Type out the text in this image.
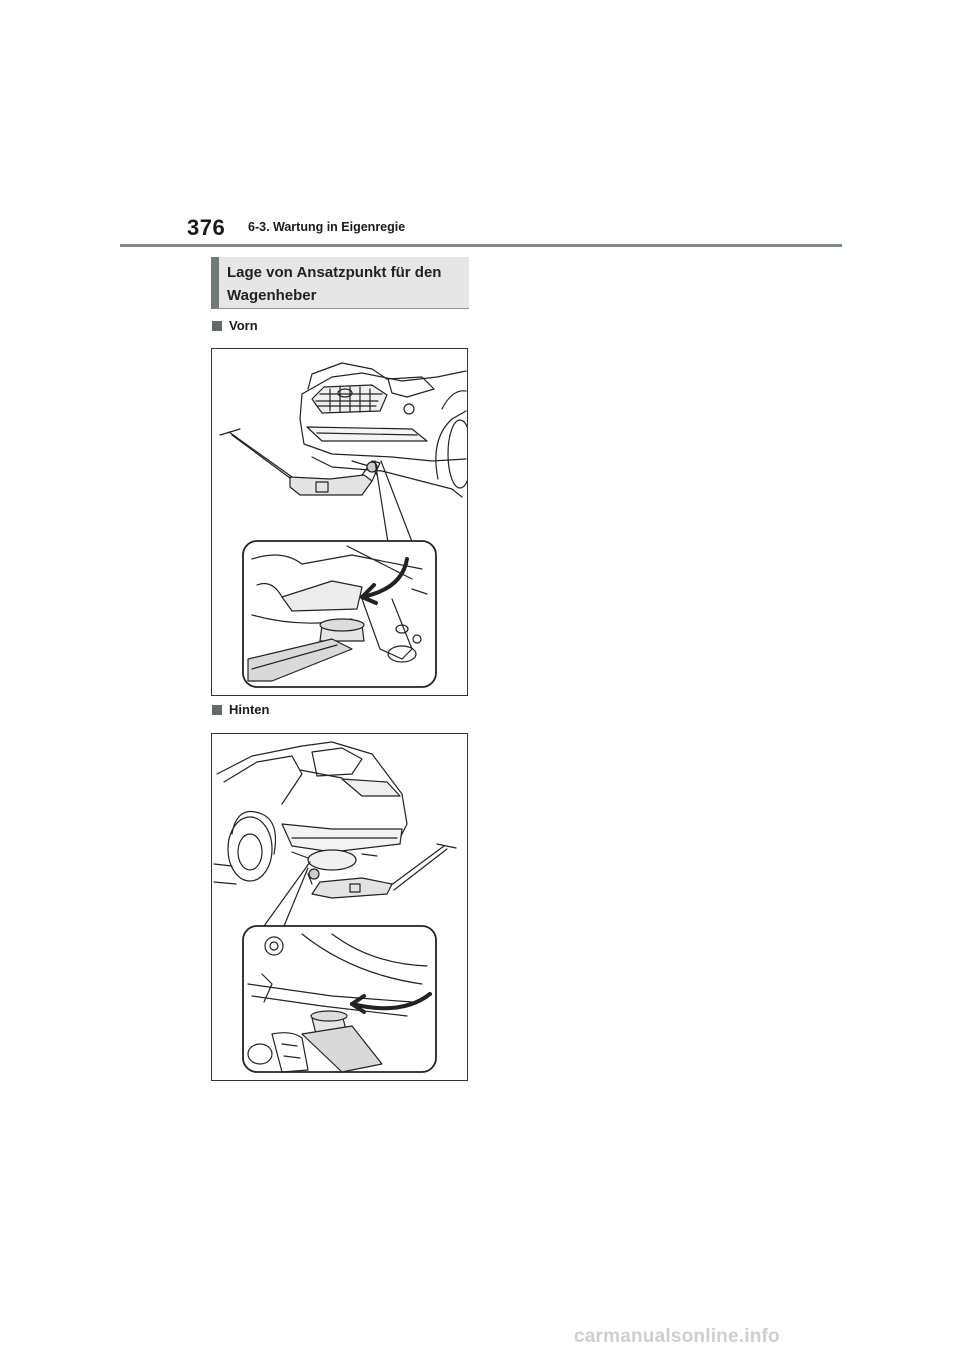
376 6-3. Wartung in Eigenregie
Lage von Ansatzpunkt für den
Wagenheber
Vorn
Hinten
carmanualsonline.info
